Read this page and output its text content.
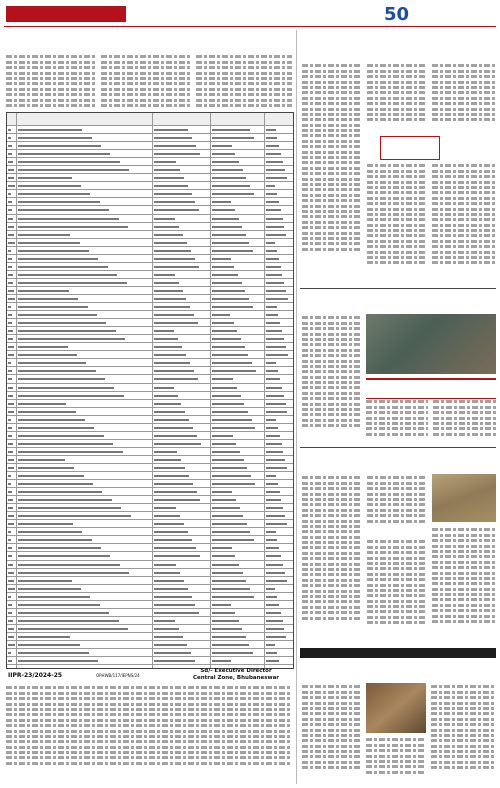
50
IIPR-23/2024-25	OPHWB/117/IEPNS/24
Sd/- Executive Director
Central Zone, Bhubaneswar
